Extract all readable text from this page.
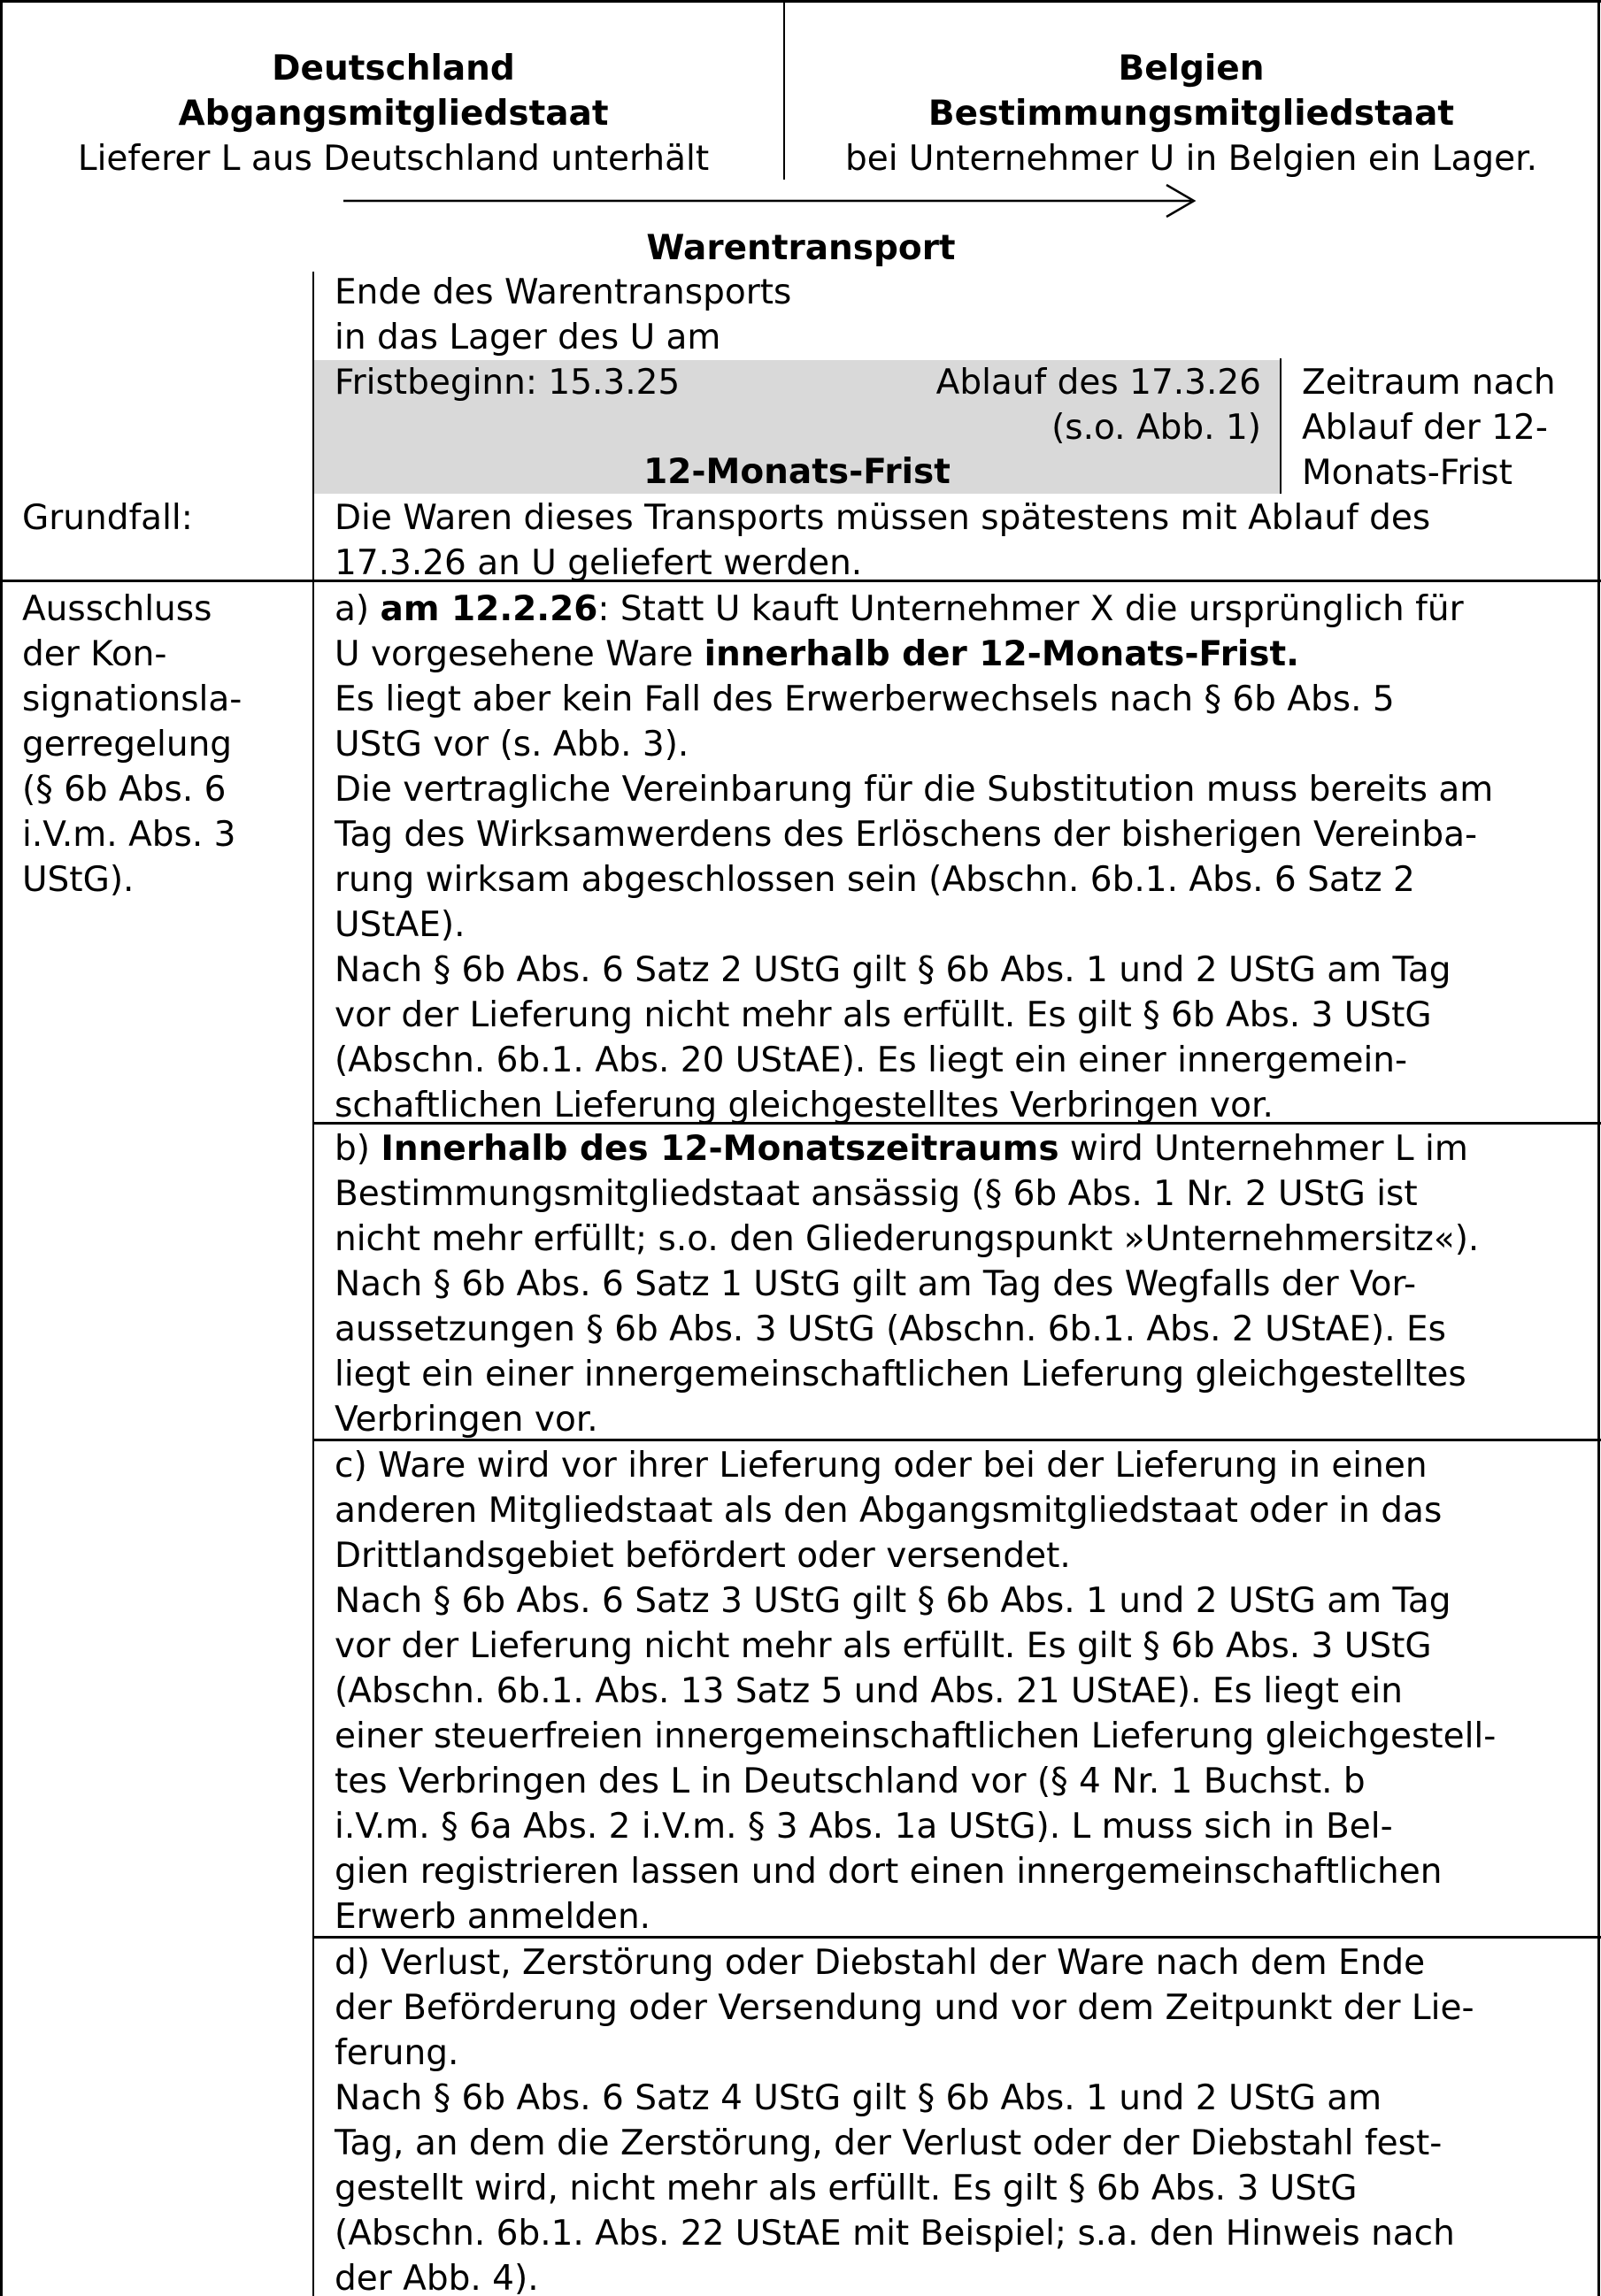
Deutschland
Abgangsmitgliedstaat
Lieferer L aus Deutschland unterhält
Belgien
Bestimmungsmitgliedstaat
bei Unternehmer U in Belgien ein Lager.
Warentransport
Ende des Warentransports
in das Lager des U am
Fristbeginn: 15.3.25	Ablauf des 17.3.26
(s.o. Abb. 1)
12-Monats-Frist
Zeitraum nach
Ablauf der 12-
Monats-Frist
Grundfall:	Die Waren dieses Transports müssen spätestens mit Ablauf des
17.3.26 an U geliefert werden.
Ausschluss
der Kon-
signationsla-
gerregelung
(§ 6b Abs. 6
i.V.m. Abs. 3
UStG).
a) am 12.2.26: Statt U kauft Unternehmer X die ursprünglich für
U vorgesehene Ware innerhalb der 12-Monats-Frist.
Es liegt aber kein Fall des Erwerberwechsels nach § 6b Abs. 5
UStG vor (s. Abb. 3).
Die vertragliche Vereinbarung für die Substitution muss bereits am
Tag des Wirksamwerdens des Erlöschens der bisherigen Vereinba-
rung wirksam abgeschlossen sein (Abschn. 6b.1. Abs. 6 Satz 2
UStAE).
Nach § 6b Abs. 6 Satz 2 UStG gilt § 6b Abs. 1 und 2 UStG am Tag
vor der Lieferung nicht mehr als erfüllt. Es gilt § 6b Abs. 3 UStG
(Abschn. 6b.1. Abs. 20 UStAE). Es liegt ein einer innergemein-
schaftlichen Lieferung gleichgestelltes Verbringen vor.
b) Innerhalb des 12-Monatszeitraums wird Unternehmer L im
Bestimmungsmitgliedstaat ansässig (§ 6b Abs. 1 Nr. 2 UStG ist
nicht mehr erfüllt; s.o. den Gliederungspunkt »Unternehmersitz«).
Nach § 6b Abs. 6 Satz 1 UStG gilt am Tag des Wegfalls der Vor-
aussetzungen § 6b Abs. 3 UStG (Abschn. 6b.1. Abs. 2 UStAE). Es
liegt ein einer innergemeinschaftlichen Lieferung gleichgestelltes
Verbringen vor.
c) Ware wird vor ihrer Lieferung oder bei der Lieferung in einen
anderen Mitgliedstaat als den Abgangsmitgliedstaat oder in das
Drittlandsgebiet befördert oder versendet.
Nach § 6b Abs. 6 Satz 3 UStG gilt § 6b Abs. 1 und 2 UStG am Tag
vor der Lieferung nicht mehr als erfüllt. Es gilt § 6b Abs. 3 UStG
(Abschn. 6b.1. Abs. 13 Satz 5 und Abs. 21 UStAE). Es liegt ein
einer steuerfreien innergemeinschaftlichen Lieferung gleichgestell-
tes Verbringen des L in Deutschland vor (§ 4 Nr. 1 Buchst. b
i.V.m. § 6a Abs. 2 i.V.m. § 3 Abs. 1a UStG). L muss sich in Bel-
gien registrieren lassen und dort einen innergemeinschaftlichen
Erwerb anmelden.
d) Verlust, Zerstörung oder Diebstahl der Ware nach dem Ende
der Beförderung oder Versendung und vor dem Zeitpunkt der Lie-
ferung.
Nach § 6b Abs. 6 Satz 4 UStG gilt § 6b Abs. 1 und 2 UStG am
Tag, an dem die Zerstörung, der Verlust oder der Diebstahl fest-
gestellt wird, nicht mehr als erfüllt. Es gilt § 6b Abs. 3 UStG
(Abschn. 6b.1. Abs. 22 UStAE mit Beispiel; s.a. den Hinweis nach
der Abb. 4).
